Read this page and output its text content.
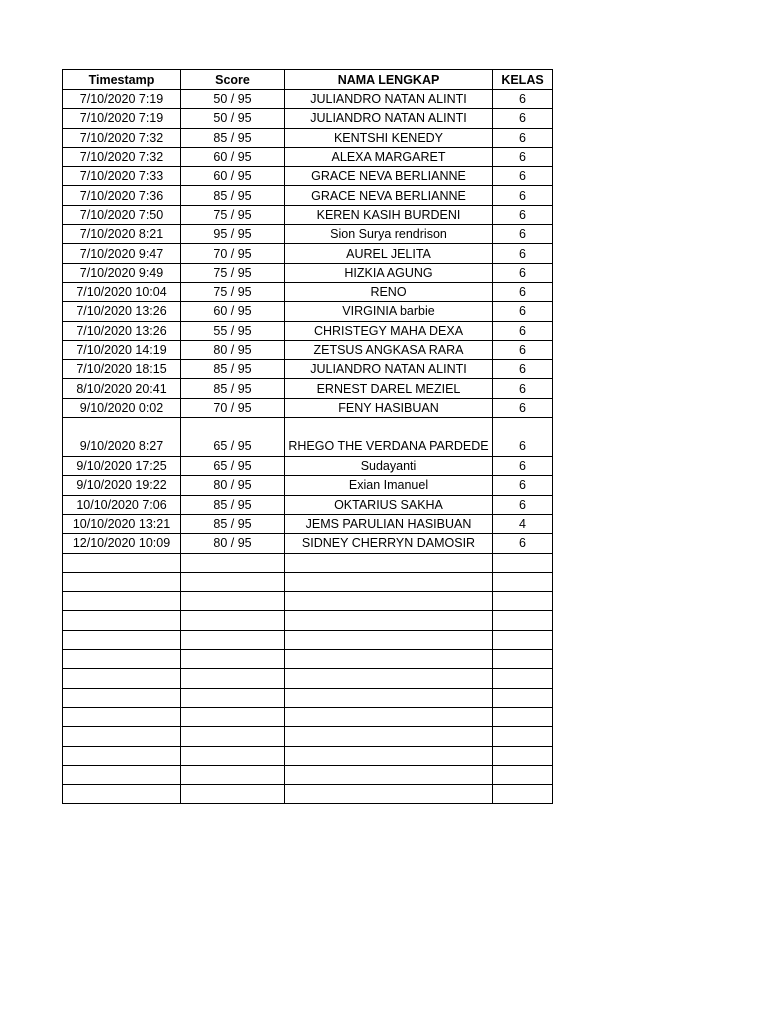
Timestamp	Score	NAMA LENGKAP	KELAS
7/10/2020 7:19	50 / 95	JULIANDRO NATAN ALINTI	6
7/10/2020 7:19	50 / 95	JULIANDRO NATAN ALINTI	6
7/10/2020 7:32	85 / 95	KENTSHI KENEDY	6
7/10/2020 7:32	60 / 95	ALEXA MARGARET	6
7/10/2020 7:33	60 / 95	GRACE NEVA BERLIANNE	6
7/10/2020 7:36	85 / 95	GRACE NEVA BERLIANNE	6
7/10/2020 7:50	75 / 95	KEREN KASIH BURDENI	6
7/10/2020 8:21	95 / 95	Sion Surya rendrison	6
7/10/2020 9:47	70 / 95	AUREL JELITA	6
7/10/2020 9:49	75 / 95	HIZKIA AGUNG	6
7/10/2020 10:04	75 / 95	RENO	6
7/10/2020 13:26	60 / 95	VIRGINIA barbie	6
7/10/2020 13:26	55 / 95	CHRISTEGY MAHA DEXA	6
7/10/2020 14:19	80 / 95	ZETSUS ANGKASA RARA	6
7/10/2020 18:15	85 / 95	JULIANDRO NATAN ALINTI	6
8/10/2020 20:41	85 / 95	ERNEST DAREL MEZIEL	6
9/10/2020 0:02	70 / 95	FENY HASIBUAN	6
9/10/2020 8:27	65 / 95	RHEGO THE VERDANA PARDEDE	6
9/10/2020 17:25	65 / 95	Sudayanti	6
9/10/2020 19:22	80 / 95	Exian Imanuel	6
10/10/2020 7:06	85 / 95	OKTARIUS SAKHA	6
10/10/2020 13:21	85 / 95	JEMS PARULIAN HASIBUAN	4
12/10/2020 10:09	80 / 95	SIDNEY CHERRYN DAMOSIR	6
